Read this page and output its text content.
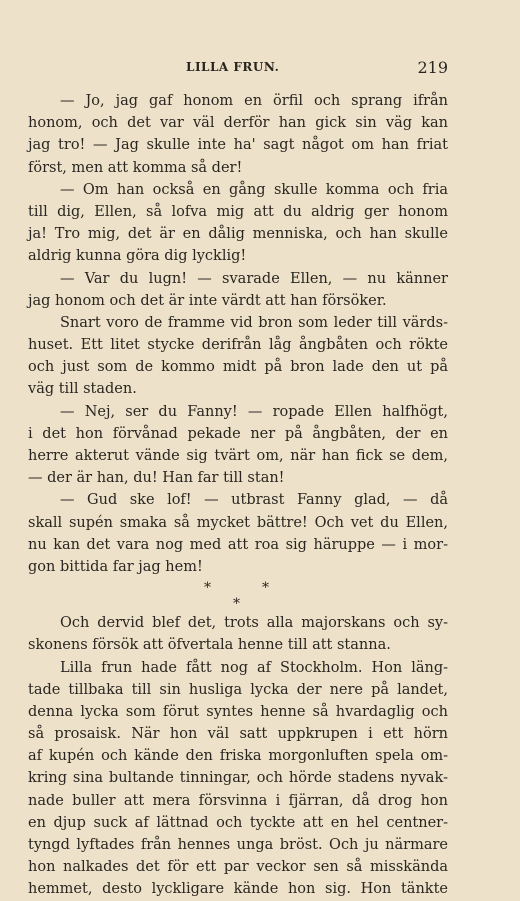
LILLA FRUN.	219
— Jo, jag gaf honom en örfil och sprang ifrån
honom, och det var väl derför han gick sin väg kan
jag tro! — Jag skulle inte ha' sagt något om han friat
först, men att komma så der!
— Om han också en gång skulle komma och fria
till dig, Ellen, så lofva mig att du aldrig ger honom
ja! Tro mig, det är en dålig menniska, och han skulle
aldrig kunna göra dig lycklig!
— Var du lugn! — svarade Ellen, — nu känner
jag honom och det är inte värdt att han försöker.
Snart voro de framme vid bron som leder till värds-
huset. Ett litet stycke derifrån låg ångbåten och rökte
och just som de kommo midt på bron lade den ut på
väg till staden.
— Nej, ser du Fanny! — ropade Ellen halfhögt,
i det hon förvånad pekade ner på ångbåten, der en
herre akterut vände sig tvärt om, när han fick se dem,
— der är han, du! Han far till stan!
— Gud ske lof! — utbrast Fanny glad, — då
skall supén smaka så mycket bättre! Och vet du Ellen,
nu kan det vara nog med att roa sig häruppe — i mor-
gon bittida far jag hem!
*	*
*
Och dervid blef det, trots alla majorskans och sy-
skonens försök att öfvertala henne till att stanna.
Lilla frun hade fått nog af Stockholm. Hon läng-
tade tillbaka till sin husliga lycka der nere på landet,
denna lycka som förut syntes henne så hvardaglig och
så prosaisk. När hon väl satt uppkrupen i ett hörn
af kupén och kände den friska morgonluften spela om-
kring sina bultande tinningar, och hörde stadens nyvak-
nade buller att mera försvinna i fjärran, då drog hon
en djup suck af lättnad och tyckte att en hel centner-
tyngd lyftades från hennes unga bröst. Och ju närmare
hon nalkades det för ett par veckor sen så misskända
hemmet, desto lyckligare kände hon sig. Hon tänkte
